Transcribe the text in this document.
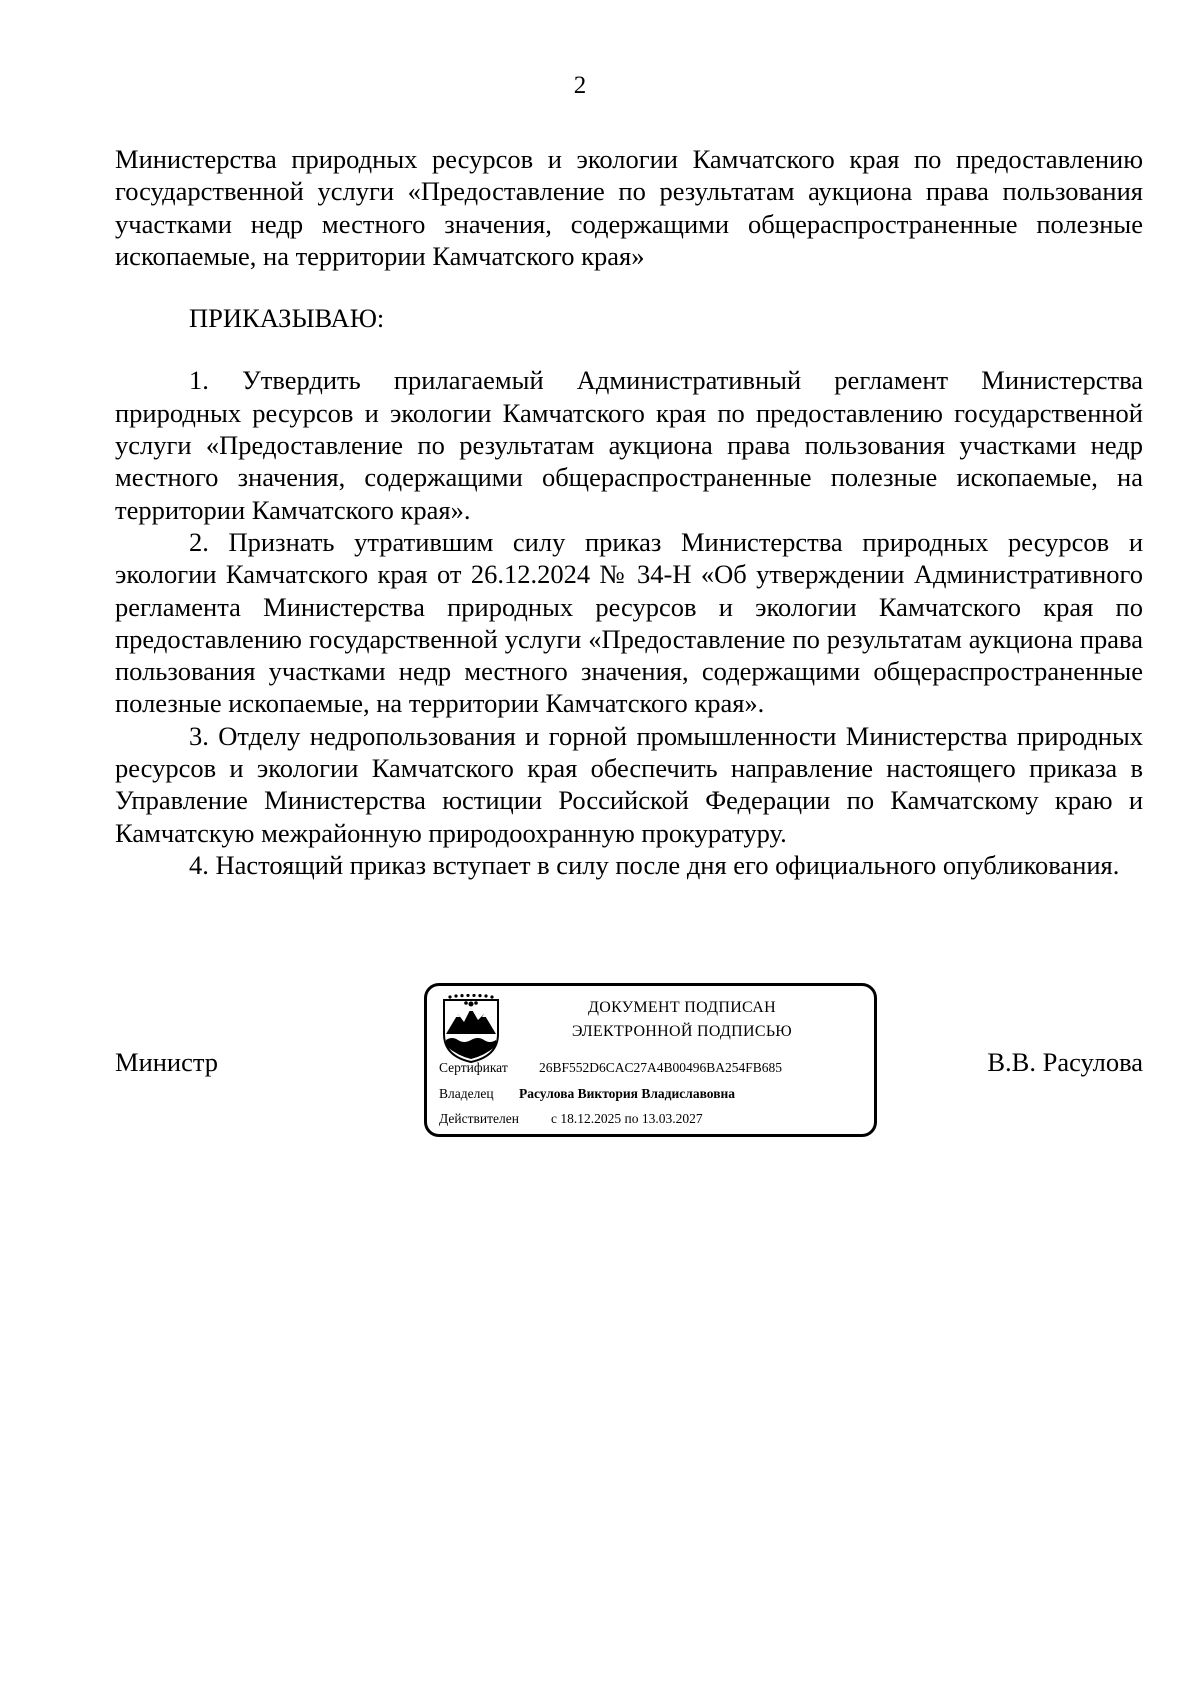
2

Министерства природных ресурсов и экологии Камчатского края по предоставлению государственной услуги «Предоставление по результатам аукциона права пользования участками недр местного значения, содержащими общераспространенные полезные ископаемые, на территории Камчатского края»

ПРИКАЗЫВАЮ:

1. Утвердить прилагаемый Административный регламент Министерства природных ресурсов и экологии Камчатского края по предоставлению государственной услуги «Предоставление по результатам аукциона права пользования участками недр местного значения, содержащими общераспространенные полезные ископаемые, на территории Камчатского края».

2. Признать утратившим силу приказ Министерства природных ресурсов и экологии Камчатского края от 26.12.2024 № 34-Н «Об утверждении Административного регламента Министерства природных ресурсов и экологии Камчатского края по предоставлению государственной услуги «Предоставление по результатам аукциона права пользования участками недр местного значения, содержащими общераспространенные полезные ископаемые, на территории Камчатского края».

3. Отделу недропользования и горной промышленности Министерства природных ресурсов и экологии Камчатского края обеспечить направление настоящего приказа в Управление Министерства юстиции Российской Федерации по Камчатскому краю и Камчатскую межрайонную природоохранную прокуратуру.

4. Настоящий приказ вступает в силу после дня его официального опубликования.

Министр	В.В. Расулова
ДОКУМЕНТ ПОДПИСАН
ЭЛЕКТРОННОЙ ПОДПИСЬЮ
Сертификат 26BF552D6CAC27A4B00496BA254FB685
Владелец Расулова Виктория Владиславовна
Действителен с 18.12.2025 по 13.03.2027
